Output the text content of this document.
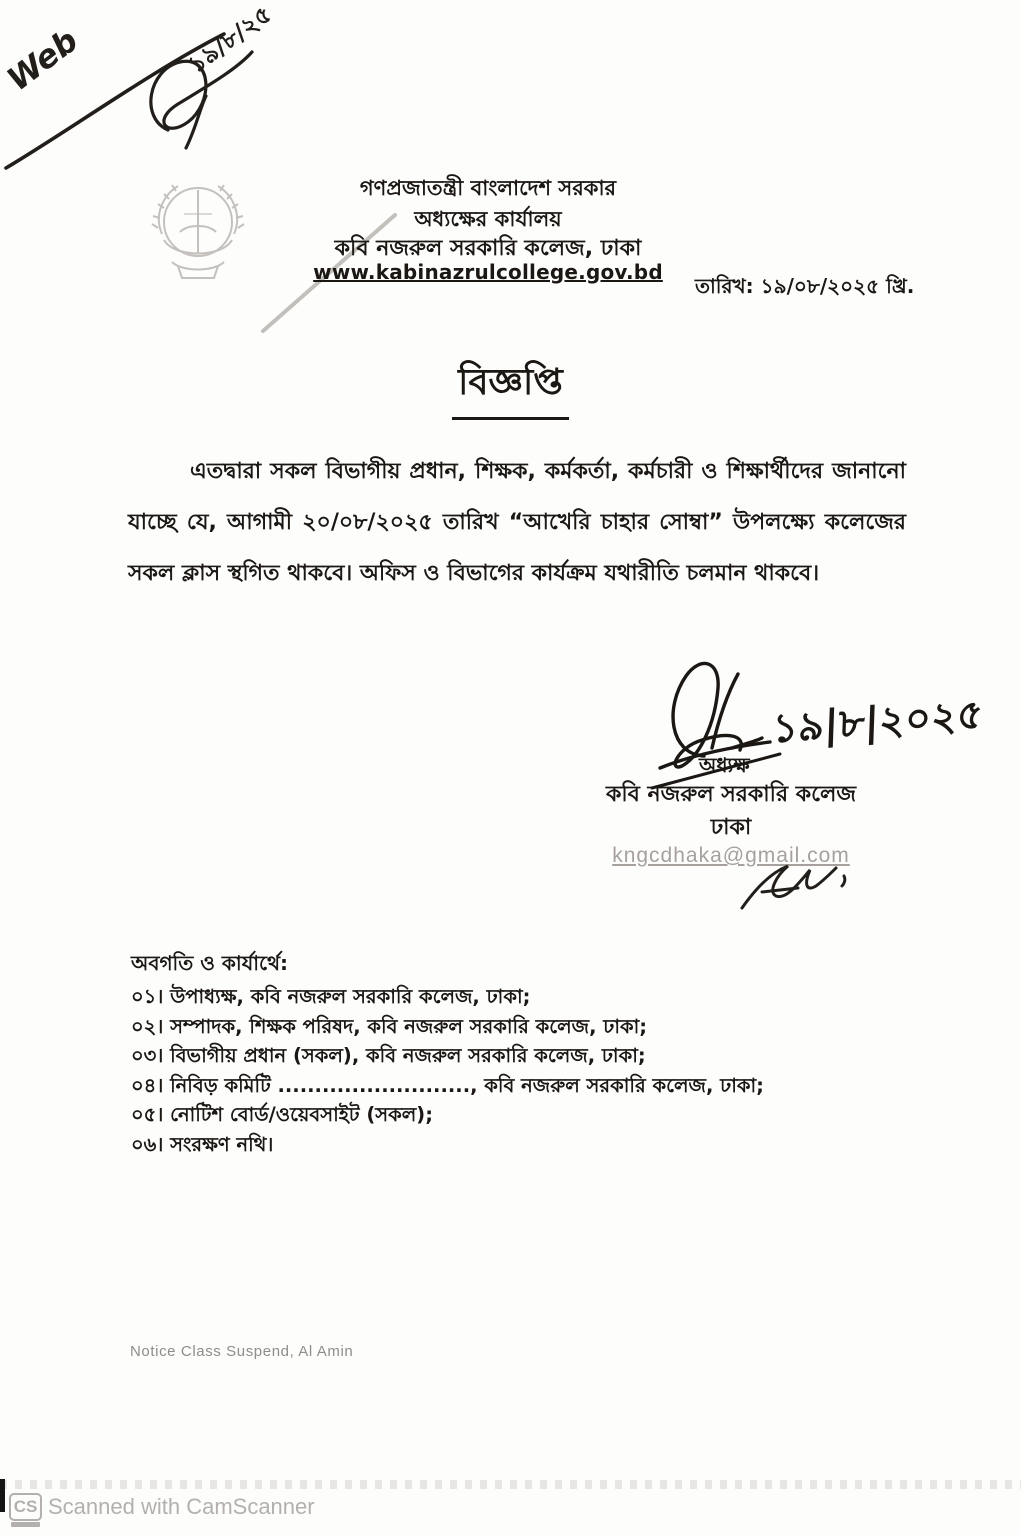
Web	১৯/৮/২৫
গণপ্রজাতন্ত্রী বাংলাদেশ সরকার
অধ্যক্ষের কার্যালয়
কবি নজরুল সরকারি কলেজ, ঢাকা
www.kabinazrulcollege.gov.bd
তারিখ: ১৯/০৮/২০২৫ খ্রি.
বিজ্ঞপ্তি

এতদ্বারা সকল বিভাগীয় প্রধান, শিক্ষক, কর্মকর্তা, কর্মচারী ও শিক্ষার্থীদের জানানো যাচ্ছে যে, আগামী ২০/০৮/২০২৫ তারিখ “আখেরি চাহার সোম্বা” উপলক্ষ্যে কলেজের সকল ক্লাস স্থগিত থাকবে। অফিস ও বিভাগের কার্যক্রম যথারীতি চলমান থাকবে।

১৯|৮|২০২৫
অধ্যক্ষ
কবি নজরুল সরকারি কলেজ
ঢাকা
kngcdhaka@gmail.com
অবগতি ও কার্যার্থে:
০১। উপাধ্যক্ষ, কবি নজরুল সরকারি কলেজ, ঢাকা;
০২। সম্পাদক, শিক্ষক পরিষদ, কবি নজরুল সরকারি কলেজ, ঢাকা;
০৩। বিভাগীয় প্রধান (সকল), কবি নজরুল সরকারি কলেজ, ঢাকা;
০৪। নিবিড় কমিটি .........................., কবি নজরুল সরকারি কলেজ, ঢাকা;
০৫। নোটিশ বোর্ড/ওয়েবসাইট (সকল);
০৬। সংরক্ষণ নথি।
Notice Class Suspend, Al Amin
CS Scanned with CamScanner
